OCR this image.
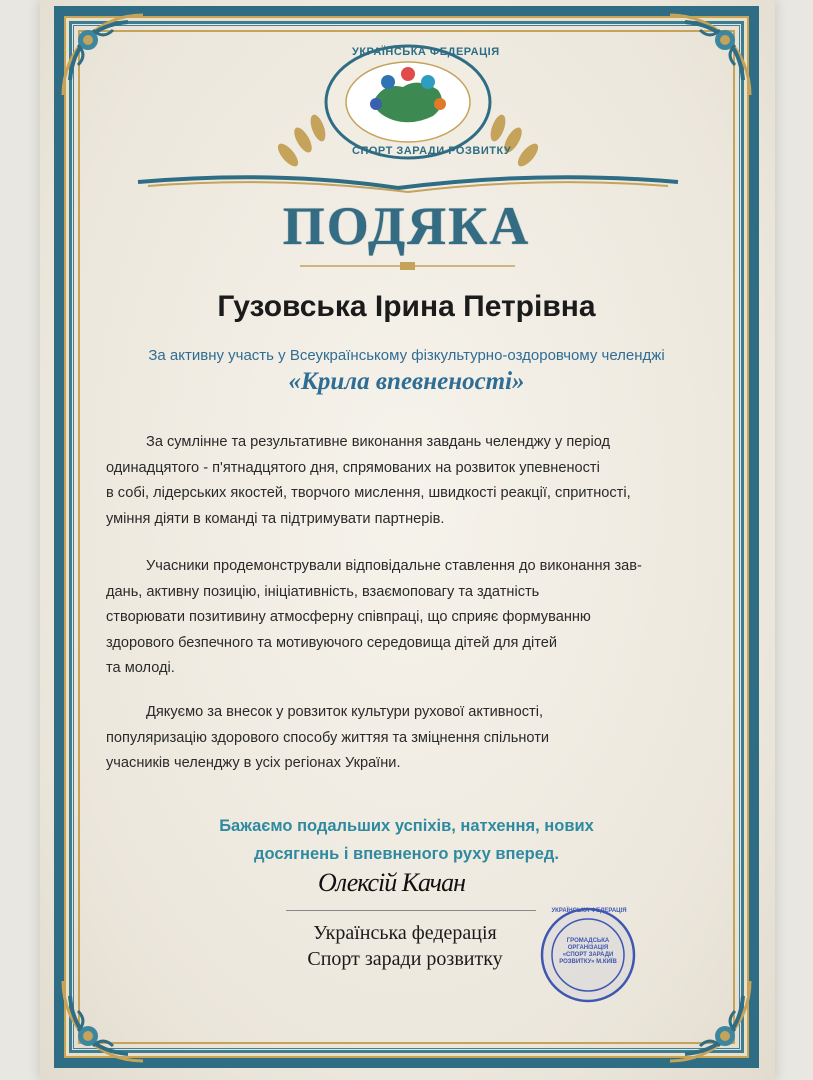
УКРАЇНСЬКА ФЕДЕРАЦІЯ
СПОРТ ЗАРАДИ РОЗВИТКУ
ПОДЯКА
Гузовська Ірина Петрівна
За активну участь у Всеукраїнському фізкультурно-оздоровчому челенджі
«Крила впевненості»
За сумлінне та результативне виконання завдань челенджу у період
одинадцятого - п'ятнадцятого дня, спрямованих на розвиток упевненості
в собі, лідерських якостей, творчого мислення, швидкості реакції, спритності,
уміння діяти в команді та підтримувати партнерів.
Учасники продемонстрували відповідальне ставлення до виконання зав-
дань, активну позицію, ініціативність, взаємоповагу та здатність
створювати позитивину атмосферну співпраці, що сприяє формуванню
здорового безпечного та мотивуючого середовища дітей для дітей
та молоді.
Дякуємо за внесок у ровзиток культури рухової активності,
популяризацію здорового способу життяя та зміцнення спільноти
учасників челенджу в усіх регіонах України.
Бажаємо подальших успіхів, натхення, нових
досягнень і впевненого руху вперед.
Олексій Качан
Українська федерація
Спорт заради розвитку
УКРАЇНСЬКА ФЕДЕРАЦІЯ
ГРОМАДСЬКА ОРГАНІЗАЦІЯ «СПОРТ ЗАРАДИ РОЗВИТКУ» М.КИЇВ
